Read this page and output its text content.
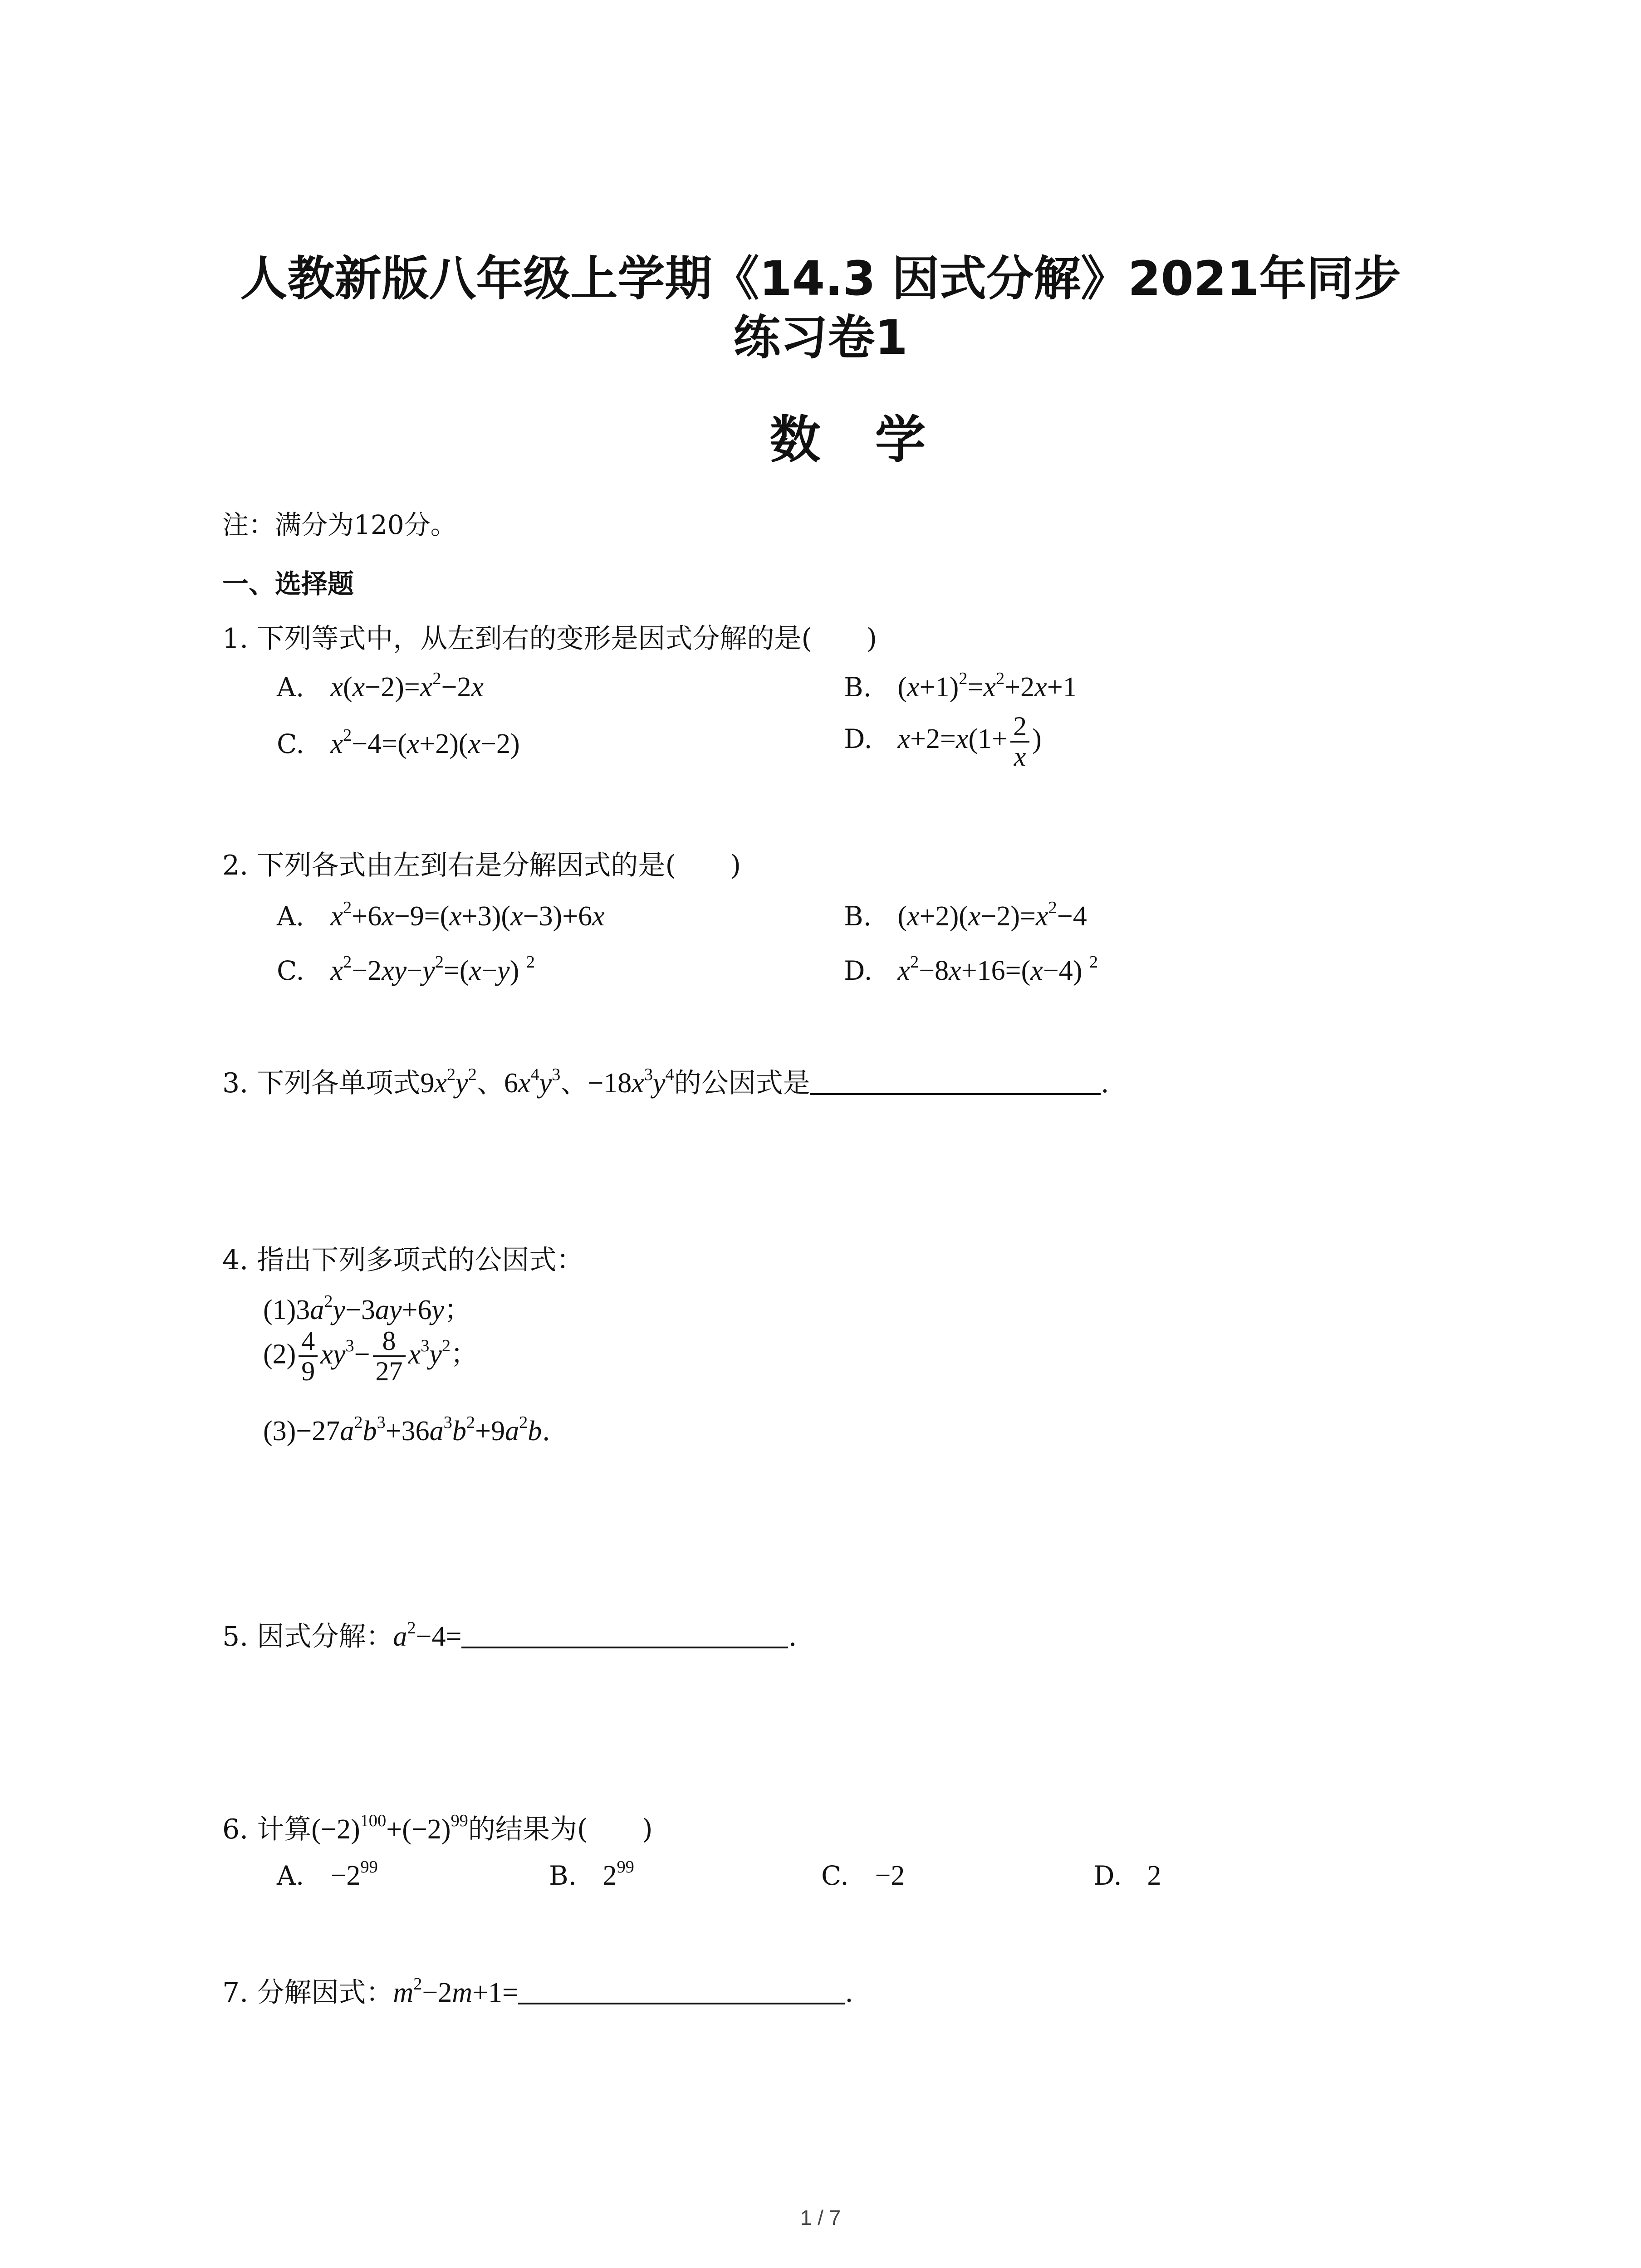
人教新版八年级上学期《14.3 因式分解》2021年同步
练习卷1
数学
注：满分为120分。
一、选择题
1. 下列等式中，从左到右的变形是因式分解的是(　　)
A. $x(x-2)=x^2-2x$	B. $(x+1)^2=x^2+2x+1$
C. $x^2-4=(x+2)(x-2)$	D. $x+2=x(1+ \frac{2}{x}$ )
2. 下列各式由左到右是分解因式的是(　　)
A. $x^2+6x-9=(x+3)(x-3)+6x$	B. $(x+2)(x-2)=x^2-4$
C. $x^2-2xy-y^2=(x-y)$ $^2$	D. $x^2-8x+16=(x-4)$ $^2$
3. 下列各单项式$9x^2y^2$、$6x^4y^3$、$-18x^3y^4$的公因式是	.
4. 指出下列多项式的公因式：
$(1)3a^2y-3ay+6y$；
$(2) \frac{4}{9} xy^3- \frac{8}{27} x^3y^2$；
$(3)-27a^2b^3+36a^3b^2+9a^2b$.
5. 因式分解：$a^2-4=$	.
6. 计算$(-2)^{100}+(-2)^{99}$的结果为(　　)
A. $-2^{99}$	B. $2^{99}$	C. −2	D. 2
7. 分解因式：$m^2-2m+1=$	.
1 / 7
